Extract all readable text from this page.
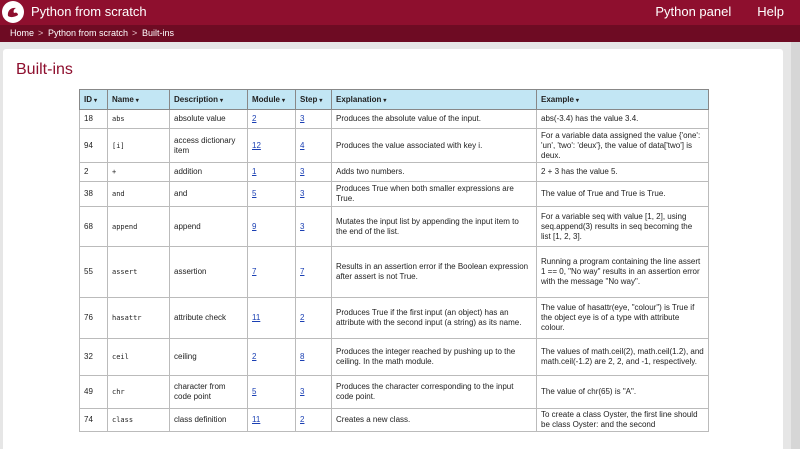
Python from scratch	Python panel Help
Home > Python from scratch > Built-ins
Built-ins
ID ▾	Name ▾	Description ▾	Module ▾	Step ▾	Explanation ▾	Example ▾
18	abs	absolute value	2	3	Produces the absolute value of the input.	abs(-3.4) has the value 3.4.
94	[i]	access dictionary item	12	4	Produces the value associated with key i.	For a variable data assigned the value {'one': 'un', 'two': 'deux'}, the value of data['two'] is deux.
2	+	addition	1	3	Adds two numbers.	2 + 3 has the value 5.
38	and	and	5	3	Produces True when both smaller expressions are True.	The value of True and True is True.
68	append	append	9	3	Mutates the input list by appending the input item to the end of the list.	For a variable seq with value [1, 2], using seq.append(3) results in seq becoming the list [1, 2, 3].
55	assert	assertion	7	7	Results in an assertion error if the Boolean expression after assert is not True.	Running a program containing the line assert 1 == 0, "No way" results in an assertion error with the message "No way".
76	hasattr	attribute check	11	2	Produces True if the first input (an object) has an attribute with the second input (a string) as its name.	The value of hasattr(eye, "colour") is True if the object eye is of a type with attribute colour.
32	ceil	ceiling	2	8	Produces the integer reached by pushing up to the ceiling. In the math module.	The values of math.ceil(2), math.ceil(1.2), and math.ceil(-1.2) are 2, 2, and -1, respectively.
49	chr	character from code point	5	3	Produces the character corresponding to the input code point.	The value of chr(65) is "A".
74	class	class definition	11	2	Creates a new class.	To create a class Oyster, the first line should be class Oyster: and the second
